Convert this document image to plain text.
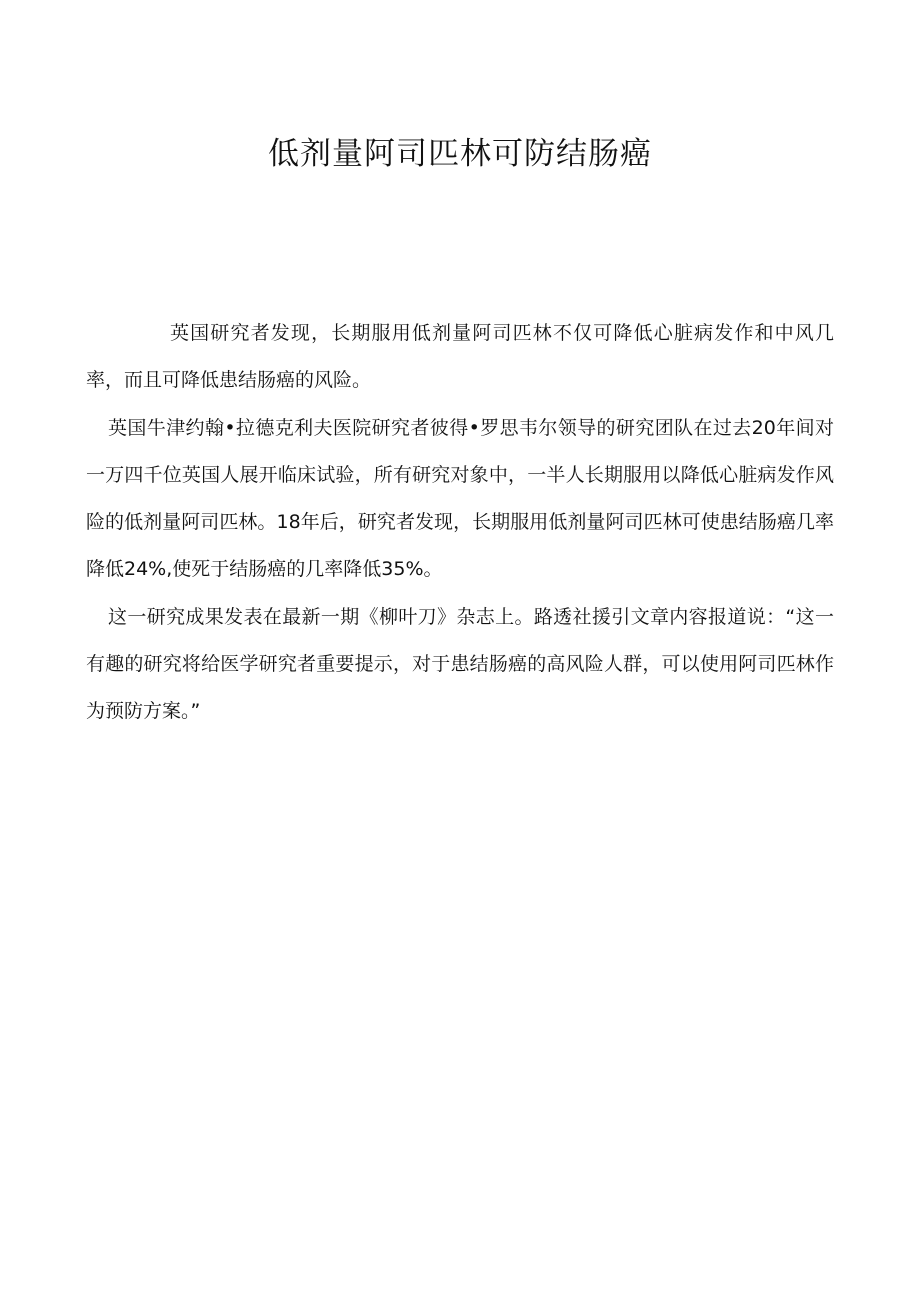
低剂量阿司匹林可防结肠癌

英国研究者发现，长期服用低剂量阿司匹林不仅可降低心脏病发作和中风几率，而且可降低患结肠癌的风险。

英国牛津约翰•拉德克利夫医院研究者彼得•罗思韦尔领导的研究团队在过去20年间对一万四千位英国人展开临床试验，所有研究对象中，一半人长期服用以降低心脏病发作风险的低剂量阿司匹林。18年后，研究者发现，长期服用低剂量阿司匹林可使患结肠癌几率降低24%,使死于结肠癌的几率降低35%。

这一研究成果发表在最新一期《柳叶刀》杂志上。路透社援引文章内容报道说：“这一有趣的研究将给医学研究者重要提示，对于患结肠癌的高风险人群，可以使用阿司匹林作为预防方案。”
